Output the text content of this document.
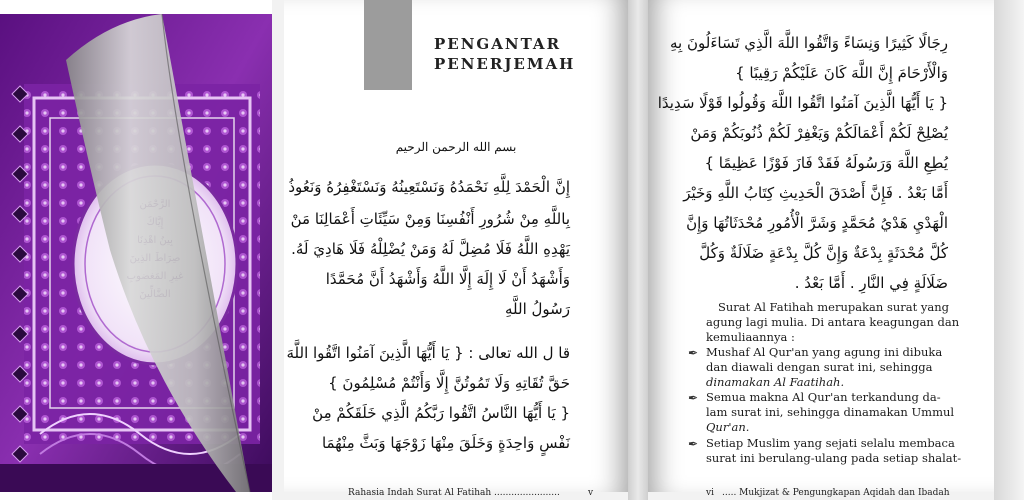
PENGANTAR
PENERJEMAH
بسم الله الرحمن الرحيم
إِنَّ الْحَمْدَ لِلَّهِ نَحْمَدُهُ وَنَسْتَعِينُهُ وَنَسْتَغْفِرُهُ وَنَعُوذُ
بِاللَّهِ مِنْ شُرُورِ أَنْفُسِنَا وَمِنْ سَيِّئَاتِ أَعْمَالِنَا مَنْ
يَهْدِهِ اللَّهُ فَلَا مُضِلَّ لَهُ وَمَنْ يُضْلِلْهُ فَلَا هَادِيَ لَهُ.
وَأَشْهَدُ أَنْ لَا إِلَهَ إِلَّا اللَّهُ وَأَشْهَدُ أَنَّ مُحَمَّدًا
رَسُولُ اللَّهِ
قا ل الله تعالى : { يَا أَيُّهَا الَّذِينَ آمَنُوا اتَّقُوا اللَّهَ
حَقَّ تُقَاتِهِ وَلَا تَمُوتُنَّ إِلَّا وَأَنْتُمْ مُسْلِمُونَ }
{ يَا أَيُّهَا النَّاسُ اتَّقُوا رَبَّكُمُ الَّذِي خَلَقَكُمْ مِنْ
نَفْسٍ وَاحِدَةٍ وَخَلَقَ مِنْهَا زَوْجَهَا وَبَثَّ مِنْهُمَا
Rahasia Indah Surat Al Fatihah .......................	v
رِجَالًا كَثِيرًا وَنِسَاءً وَاتَّقُوا اللَّهَ الَّذِي تَسَاءَلُونَ بِهِ
وَالْأَرْحَامَ إِنَّ اللَّهَ كَانَ عَلَيْكُمْ رَقِيبًا }
{ يَا أَيُّهَا الَّذِينَ آمَنُوا اتَّقُوا اللَّهَ وَقُولُوا قَوْلًا سَدِيدًا
يُصْلِحْ لَكُمْ أَعْمَالَكُمْ وَيَغْفِرْ لَكُمْ ذُنُوبَكُمْ وَمَنْ
يُطِعِ اللَّهَ وَرَسُولَهُ فَقَدْ فَازَ فَوْزًا عَظِيمًا }
أَمَّا بَعْدُ . فَإِنَّ أَصْدَقَ الْحَدِيثِ كِتَابُ اللَّهِ وَخَيْرَ
الْهَدْيِ هَدْيُ مُحَمَّدٍ وَشَرَّ الْأُمُورِ مُحْدَثَاتُهَا وَإِنَّ
كُلَّ مُحْدَثَةٍ بِدْعَةٌ وَإِنَّ كُلَّ بِدْعَةٍ ضَلَالَةٌ وَكُلَّ
ضَلَالَةٍ فِي النَّارِ . أَمَّا بَعْدُ .
Surat Al Fatihah merupakan surat yang
agung lagi mulia. Di antara keagungan dan
kemuliaannya :
✒ Mushaf Al Qur'an yang agung ini dibuka
dan diawali dengan surat ini, sehingga
dinamakan Al Faatihah.
✒ Semua makna Al Qur'an terkandung da-
lam surat ini, sehingga dinamakan Ummul
Qur'an.
✒ Setiap Muslim yang sejati selalu membaca
surat ini berulang-ulang pada setiap shalat-
vi ..... Mukjizat & Pengungkapan Aqidah dan Ibadah
